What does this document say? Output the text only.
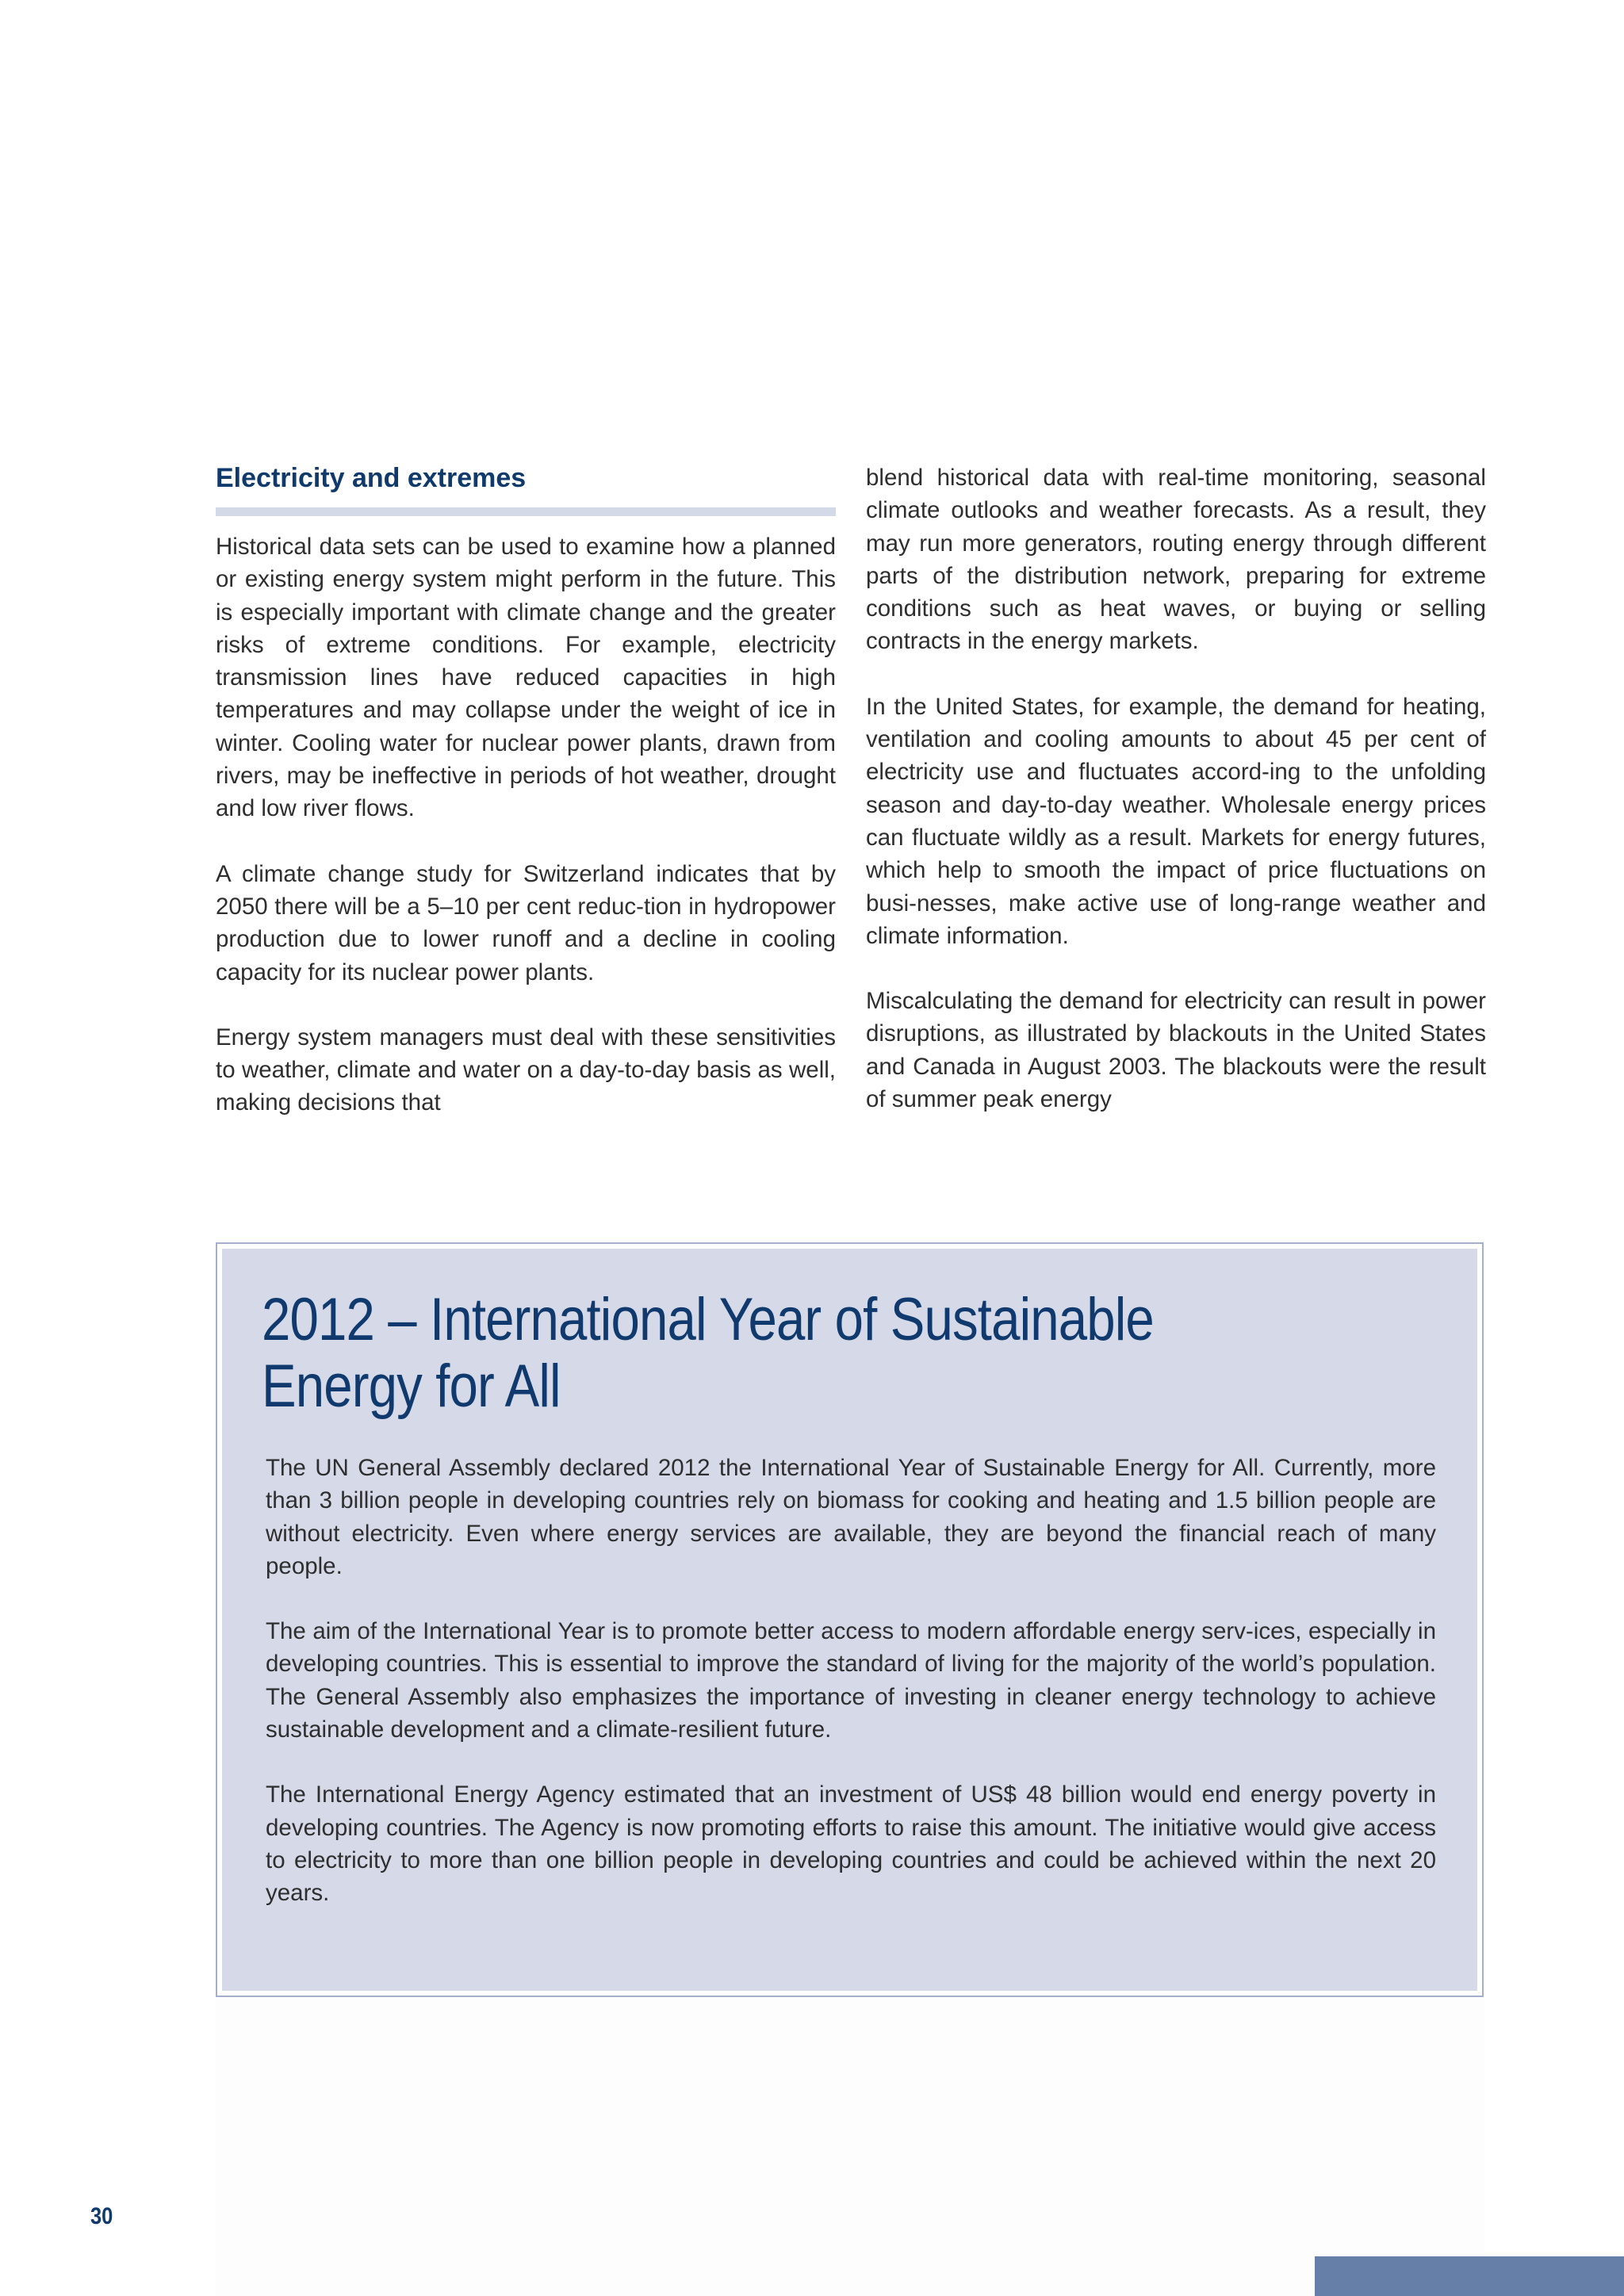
Electricity and extremes

Historical data sets can be used to examine how a planned or existing energy system might perform in the future. This is especially important with climate change and the greater risks of extreme conditions. For example, electricity transmission lines have reduced capacities in high temperatures and may collapse under the weight of ice in winter. Cooling water for nuclear power plants, drawn from rivers, may be ineffective in periods of hot weather, drought and low river flows.

A climate change study for Switzerland indicates that by 2050 there will be a 5–10 per cent reduc-tion in hydropower production due to lower runoff and a decline in cooling capacity for its nuclear power plants.

Energy system managers must deal with these sensitivities to weather, climate and water on a day-to-day basis as well, making decisions that

blend historical data with real-time monitoring, seasonal climate outlooks and weather forecasts. As a result, they may run more generators, routing energy through different parts of the distribution network, preparing for extreme conditions such as heat waves, or buying or selling contracts in the energy markets.

In the United States, for example, the demand for heating, ventilation and cooling amounts to about 45 per cent of electricity use and fluctuates accord-ing to the unfolding season and day-to-day weather. Wholesale energy prices can fluctuate wildly as a result. Markets for energy futures, which help to smooth the impact of price fluctuations on busi-nesses, make active use of long-range weather and climate information.

Miscalculating the demand for electricity can result in power disruptions, as illustrated by blackouts in the United States and Canada in August 2003. The blackouts were the result of summer peak energy

2012 – International Year of Sustainable
Energy for All

The UN General Assembly declared 2012 the International Year of Sustainable Energy for All. Currently, more than 3 billion people in developing countries rely on biomass for cooking and heating and 1.5 billion people are without electricity. Even where energy services are available, they are beyond the financial reach of many people.

The aim of the International Year is to promote better access to modern affordable energy serv-ices, especially in developing countries. This is essential to improve the standard of living for the majority of the world’s population. The General Assembly also emphasizes the importance of investing in cleaner energy technology to achieve sustainable development and a climate-resilient future.

The International Energy Agency estimated that an investment of US$ 48 billion would end energy poverty in developing countries. The Agency is now promoting efforts to raise this amount. The initiative would give access to electricity to more than one billion people in developing countries and could be achieved within the next 20 years.

30
